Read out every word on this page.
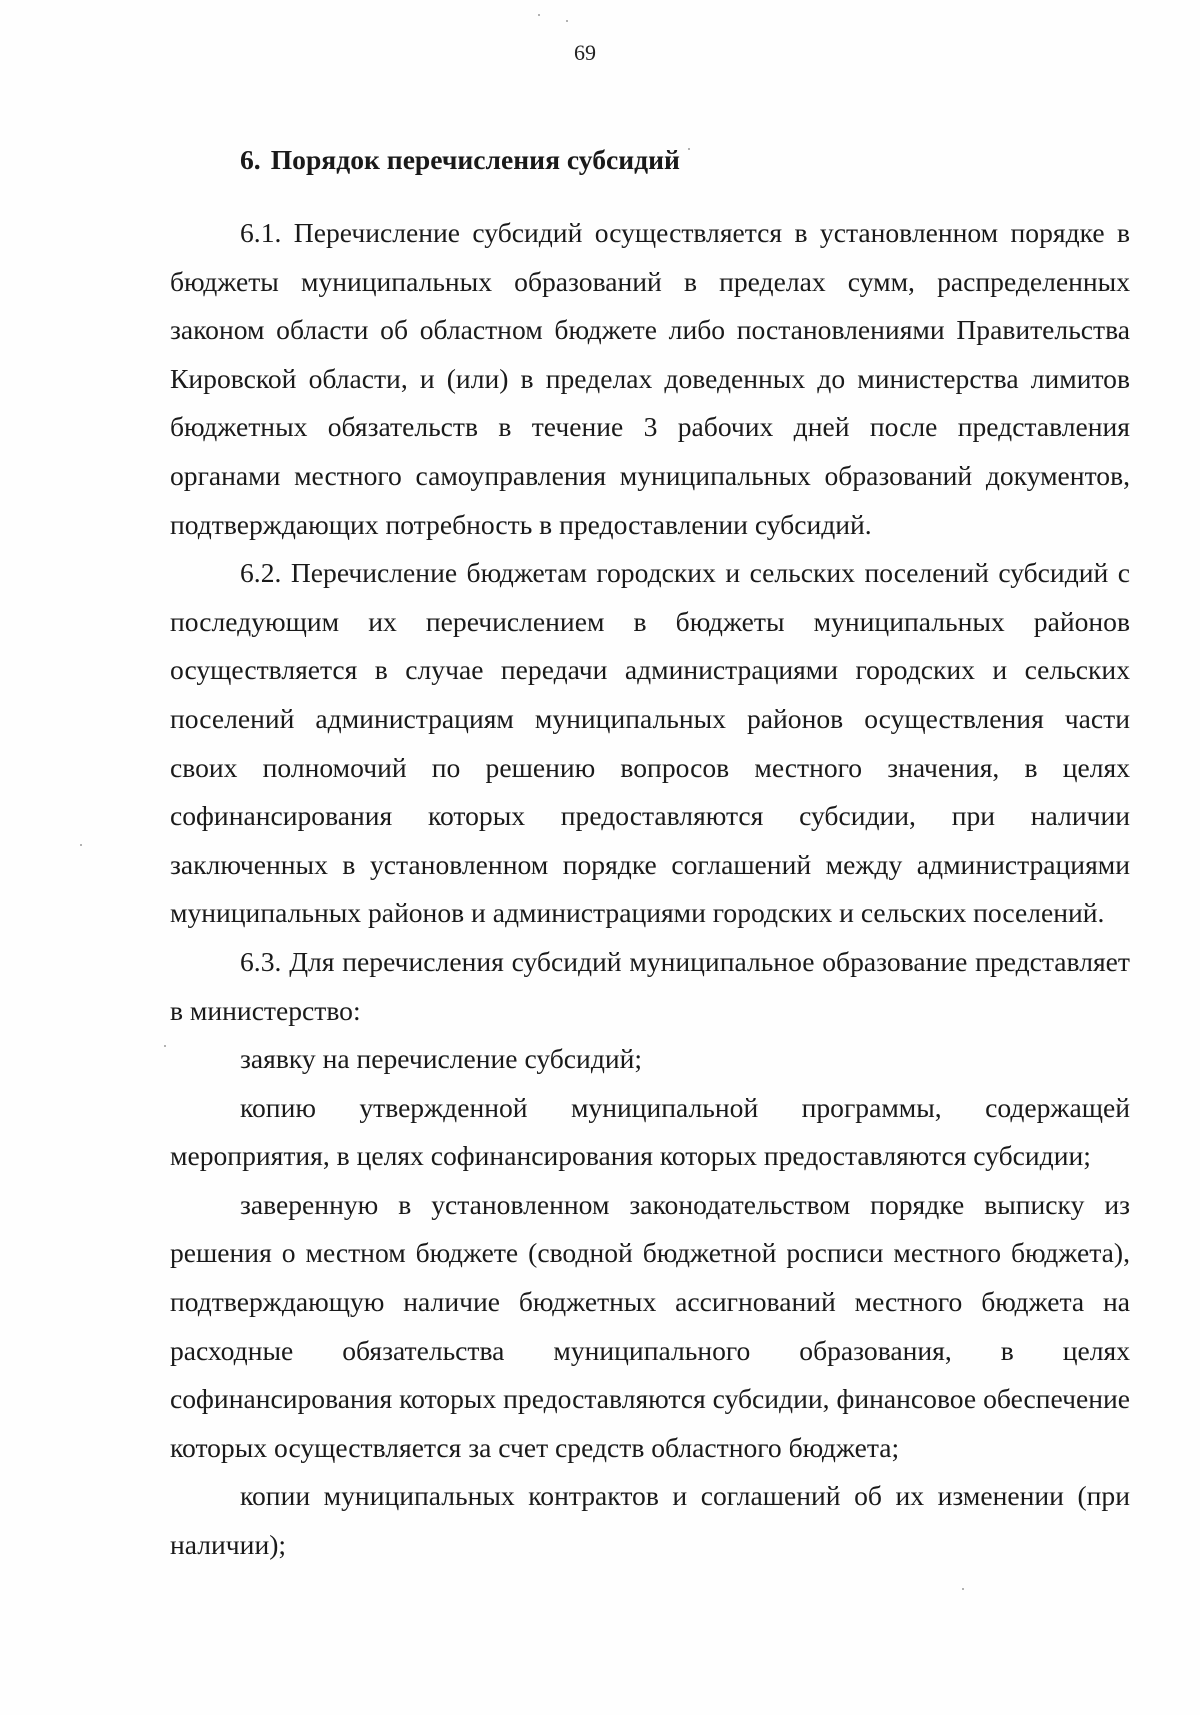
69
6. Порядок перечисления субсидий

6.1. Перечисление субсидий осуществляется в установленном порядке в бюджеты муниципальных образований в пределах сумм, распределенных законом области об областном бюджете либо постановлениями Правительства Кировской области, и (или) в пределах доведенных до министерства лимитов бюджетных обязательств в течение 3 рабочих дней после представления органами местного самоуправления муниципальных образований документов, подтверждающих потребность в предоставлении субсидий.

6.2. Перечисление бюджетам городских и сельских поселений субсидий с последующим их перечислением в бюджеты муниципальных районов осуществляется в случае передачи администрациями городских и сельских поселений администрациям муниципальных районов осуществления части своих полномочий по решению вопросов местного значения, в целях софинансирования которых предоставляются субсидии, при наличии заключенных в установленном порядке соглашений между администрациями муниципальных районов и администрациями городских и сельских поселений.

6.3. Для перечисления субсидий муниципальное образование представляет в министерство:

заявку на перечисление субсидий;

копию утвержденной муниципальной программы, содержащей мероприятия, в целях софинансирования которых предоставляются субсидии;

заверенную в установленном законодательством порядке выписку из решения о местном бюджете (сводной бюджетной росписи местного бюджета), подтверждающую наличие бюджетных ассигнований местного бюджета на расходные обязательства муниципального образования, в целях софинансирования которых предоставляются субсидии, финансовое обеспечение которых осуществляется за счет средств областного бюджета;

копии муниципальных контрактов и соглашений об их изменении (при наличии);
